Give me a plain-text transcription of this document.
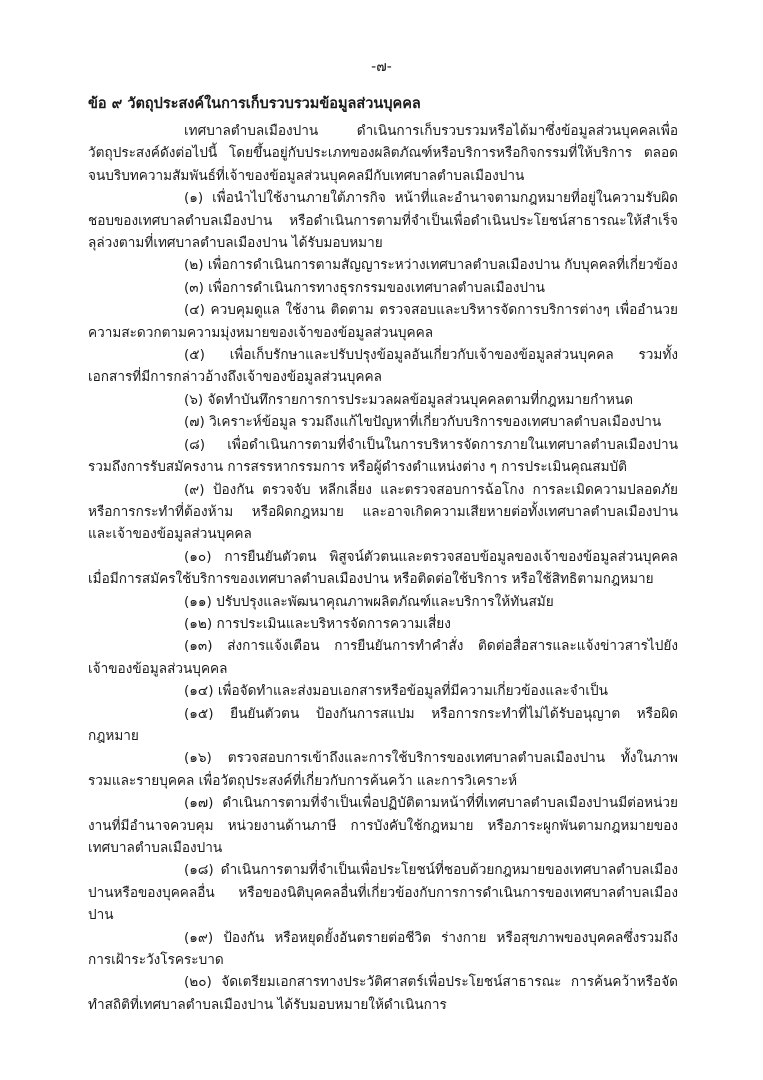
-๗-
ข้อ ๙ วัตถุประสงค์ในการเก็บรวบรวมข้อมูลส่วนบุคคล

เทศบาลตำบลเมืองปาน ดำเนินการเก็บรวบรวมหรือได้มาซึ่งข้อมูลส่วนบุคคลเพื่อวัตถุประสงค์ดังต่อไปนี้ โดยขึ้นอยู่กับประเภทของผลิตภัณฑ์หรือบริการหรือกิจกรรมที่ให้บริการ ตลอดจนบริบทความสัมพันธ์ที่เจ้าของข้อมูลส่วนบุคคลมีกับเทศบาลตำบลเมืองปาน

(๑) เพื่อนำไปใช้งานภายใต้ภารกิจ หน้าที่และอำนาจตามกฎหมายที่อยู่ในความรับผิดชอบของเทศบาลตำบลเมืองปาน หรือดำเนินการตามที่จำเป็นเพื่อดำเนินประโยชน์สาธารณะให้สำเร็จลุล่วงตามที่เทศบาลตำบลเมืองปาน ได้รับมอบหมาย

(๒) เพื่อการดำเนินการตามสัญญาระหว่างเทศบาลตำบลเมืองปาน กับบุคคลที่เกี่ยวข้อง

(๓) เพื่อการดำเนินการทางธุรกรรมของเทศบาลตำบลเมืองปาน

(๔) ควบคุมดูแล ใช้งาน ติดตาม ตรวจสอบและบริหารจัดการบริการต่างๆ เพื่ออำนวยความสะดวกตามความมุ่งหมายของเจ้าของข้อมูลส่วนบุคคล

(๕) เพื่อเก็บรักษาและปรับปรุงข้อมูลอันเกี่ยวกับเจ้าของข้อมูลส่วนบุคคล รวมทั้งเอกสารที่มีการกล่าวอ้างถึงเจ้าของข้อมูลส่วนบุคคล

(๖) จัดทำบันทึกรายการการประมวลผลข้อมูลส่วนบุคคลตามที่กฎหมายกำหนด

(๗) วิเคราะห์ข้อมูล รวมถึงแก้ไขปัญหาที่เกี่ยวกับบริการของเทศบาลตำบลเมืองปาน

(๘) เพื่อดำเนินการตามที่จำเป็นในการบริหารจัดการภายในเทศบาลตำบลเมืองปาน รวมถึงการรับสมัครงาน การสรรหากรรมการ หรือผู้ดำรงตำแหน่งต่าง ๆ การประเมินคุณสมบัติ

(๙) ป้องกัน ตรวจจับ หลีกเลี่ยง และตรวจสอบการฉ้อโกง การละเมิดความปลอดภัย หรือการกระทำที่ต้องห้าม หรือผิดกฎหมาย และอาจเกิดความเสียหายต่อทั้งเทศบาลตำบลเมืองปาน และเจ้าของข้อมูลส่วนบุคคล

(๑๐) การยืนยันตัวตน พิสูจน์ตัวตนและตรวจสอบข้อมูลของเจ้าของข้อมูลส่วนบุคคล เมื่อมีการสมัครใช้บริการของเทศบาลตำบลเมืองปาน หรือติดต่อใช้บริการ หรือใช้สิทธิตามกฎหมาย

(๑๑) ปรับปรุงและพัฒนาคุณภาพผลิตภัณฑ์และบริการให้ทันสมัย

(๑๒) การประเมินและบริหารจัดการความเสี่ยง

(๑๓) ส่งการแจ้งเตือน การยืนยันการทำคำสั่ง ติดต่อสื่อสารและแจ้งข่าวสารไปยังเจ้าของข้อมูลส่วนบุคคล

(๑๔) เพื่อจัดทำและส่งมอบเอกสารหรือข้อมูลที่มีความเกี่ยวข้องและจำเป็น

(๑๕) ยืนยันตัวตน ป้องกันการสแปม หรือการกระทำที่ไม่ได้รับอนุญาต หรือผิดกฎหมาย

(๑๖) ตรวจสอบการเข้าถึงและการใช้บริการของเทศบาลตำบลเมืองปาน ทั้งในภาพรวมและรายบุคคล เพื่อวัตถุประสงค์ที่เกี่ยวกับการค้นคว้า และการวิเคราะห์

(๑๗) ดำเนินการตามที่จำเป็นเพื่อปฏิบัติตามหน้าที่ที่เทศบาลตำบลเมืองปานมีต่อหน่วยงานที่มีอำนาจควบคุม หน่วยงานด้านภาษี การบังคับใช้กฎหมาย หรือภาระผูกพันตามกฎหมายของเทศบาลตำบลเมืองปาน

(๑๘) ดำเนินการตามที่จำเป็นเพื่อประโยชน์ที่ชอบด้วยกฎหมายของเทศบาลตำบลเมืองปานหรือของบุคคลอื่น หรือของนิติบุคคลอื่นที่เกี่ยวข้องกับการการดำเนินการของเทศบาลตำบลเมืองปาน

(๑๙) ป้องกัน หรือหยุดยั้งอันตรายต่อชีวิต ร่างกาย หรือสุขภาพของบุคคลซึ่งรวมถึงการเฝ้าระวังโรคระบาด

(๒๐) จัดเตรียมเอกสารทางประวัติศาสตร์เพื่อประโยชน์สาธารณะ การค้นคว้าหรือจัดทำสถิติที่เทศบาลตำบลเมืองปาน ได้รับมอบหมายให้ดำเนินการ
